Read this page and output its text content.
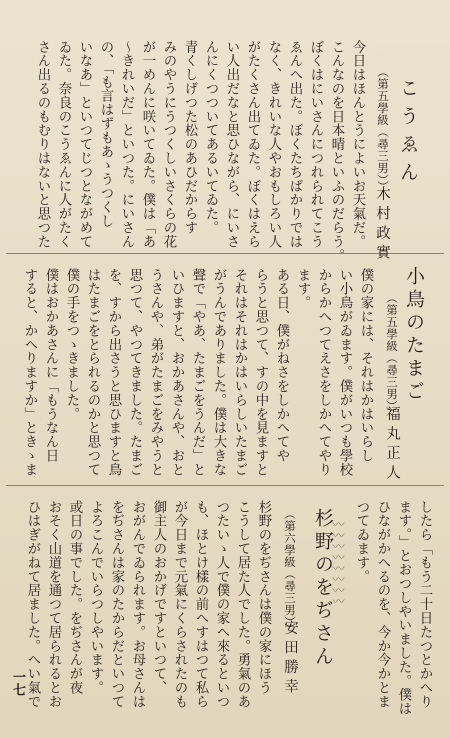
こうゑん
（第五學級（尋三男））
木村政實
今日はほんとうによいお天氣だ。
こんなのを日本晴といふのだらう。
ぼくはにいさんにつれられてこう
ゑんへ出た。ぼくたちばかりでは
なく、きれいな人やおもしろい人
がたくさん出てゐた。ぼくはえら
い人出だなと思ひながら、にいさ
んにくつついてあるいてゐた。
青くしげつた松のあひだからす
みのやうにうつくしいさくらの花
が一めんに咲いてゐた。僕は「あ
〜きれいだ」といつた。にいさん
の、「も言はずもあゝうつくし
いなあ」といつてじつとながめて
ゐた。奈良のこうゑんに人がたく
さん出るのもむりはないと思つた
小鳥のたまご
（第五學級（尋三男））
福丸正人
僕の家には、それはかはいらし
い小鳥がゐます。僕がいつも學校
からかへつてえさをしかへてやり
ます。
ある日、僕がねさをしかへてや
らうと思つて、すの中を見ますと
それはそれはかはいらしいたまご
がうんでありました。僕は大きな
聲で「やあ、たまごをうんだ」と
いひますと、おかあさんや、おと
うさんや、弟がたまごをみやうと
思つて、やつてきました。たまご
を、すから出さうと思ひますと鳥
はたまごをとられるのかと思つて
僕の手をつゝきました。
僕はおかあさんに「もうなん日
すると、かへりますか」ときゝま
したら「もう二十日たつとかへり
ます。」とおつしやいました。僕は
ひながかへるのを、今か今かとま
つてゐます。
杉野のをぢさん
〰〰〰〰〰〰〰〰
（第六學級（尋三男））
安田勝幸
杉野のをぢさんは僕の家にほう
こうして居た人でした。勇氣のあ
つたいゝ人で僕の家へ來るといつ
も、ほとけ樣の前へすはつて私ら
が今日まで元氣にくらされたのも
御主人のおかげですといつて、
おがんでゐられます。お母さんは
をぢさんは家のたからだといつて
よろこんでいらつしやいます。
或日の事でした。をぢさんが夜
おそく山道を通つて居られるとお
ひはぎがねて居ました。へい氣で
一七
